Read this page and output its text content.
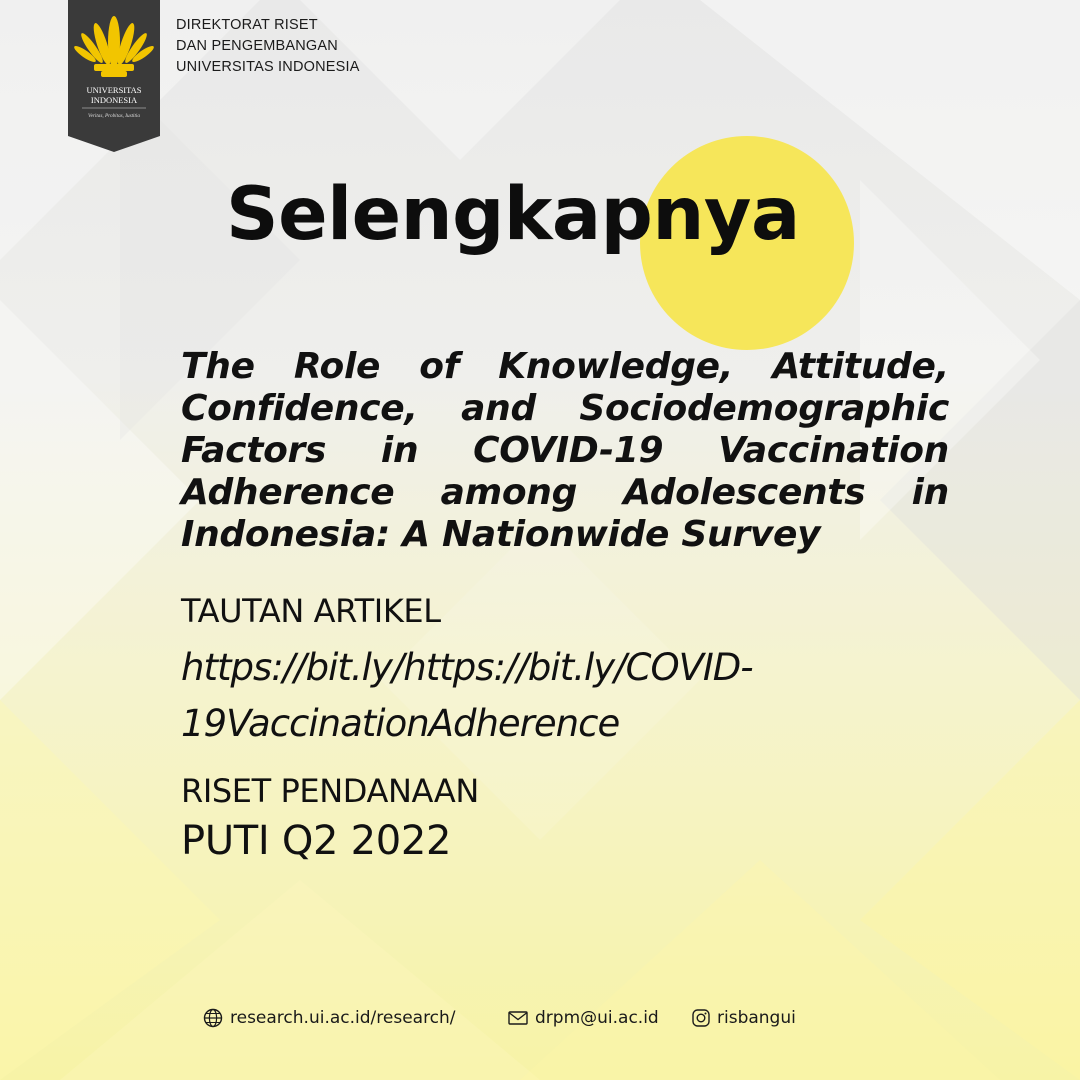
UNIVERSITAS
INDONESIA
Veritas, Probitas, Iustitia
DIREKTORAT RISET
DAN PENGEMBANGAN
UNIVERSITAS INDONESIA
Selengkapnya
The Role of Knowledge, Attitude, Confidence, and Sociodemographic Factors in COVID-19 Vaccination Adherence among Adolescents in Indonesia: A Nationwide Survey
TAUTAN ARTIKEL
https://bit.ly/https://bit.ly/COVID-
19VaccinationAdherence
RISET PENDANAAN
PUTI Q2 2022
research.ui.ac.id/research/	drpm@ui.ac.id	risbangui
